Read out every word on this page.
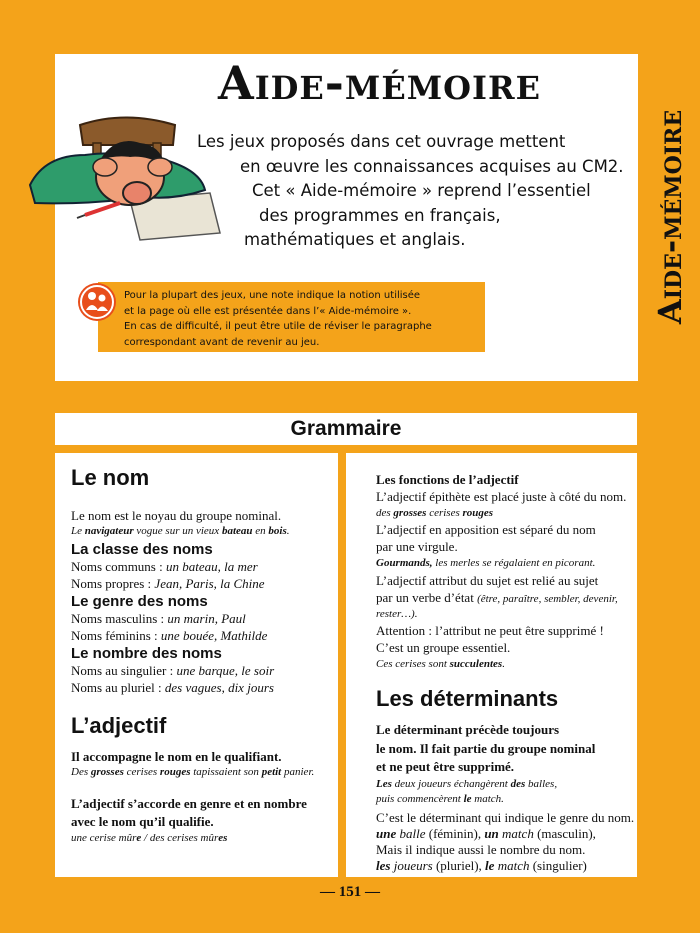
Aide-mémoire
Aide-mémoire
Les jeux proposés dans cet ouvrage mettent
en œuvre les connaissances acquises au CM2.
Cet « Aide-mémoire » reprend l’essentiel
des programmes en français,
mathématiques et anglais.
Pour la plupart des jeux, une note indique la notion utilisée
et la page où elle est présentée dans l’« Aide-mémoire ».
En cas de difficulté, il peut être utile de réviser le paragraphe
correspondant avant de revenir au jeu.
Grammaire
Le nom
Le nom est le noyau du groupe nominal.
Le navigateur vogue sur un vieux bateau en bois.
La classe des noms
Noms communs : un bateau, la mer
Noms propres : Jean, Paris, la Chine
Le genre des noms
Noms masculins : un marin, Paul
Noms féminins : une bouée, Mathilde
Le nombre des noms
Noms au singulier : une barque, le soir
Noms au pluriel : des vagues, dix jours
L’adjectif
Il accompagne le nom en le qualifiant.
Des grosses cerises rouges tapissaient son petit panier.
L’adjectif s’accorde en genre et en nombre
avec le nom qu’il qualifie.
une cerise mûre / des cerises mûres
Les fonctions de l’adjectif
L’adjectif épithète est placé juste à côté du nom.
des grosses cerises rouges
L’adjectif en apposition est séparé du nom
par une virgule.
Gourmands, les merles se régalaient en picorant.
L’adjectif attribut du sujet est relié au sujet
par un verbe d’état (être, paraître, sembler, devenir,
rester…).
Attention : l’attribut ne peut être supprimé !
C’est un groupe essentiel.
Ces cerises sont succulentes.
Les déterminants
Le déterminant précède toujours
le nom. Il fait partie du groupe nominal
et ne peut être supprimé.
Les deux joueurs échangèrent des balles,
puis commencèrent le match.
C’est le déterminant qui indique le genre du nom.
une balle (féminin), un match (masculin),
Mais il indique aussi le nombre du nom.
les joueurs (pluriel), le match (singulier)
— 151 —
